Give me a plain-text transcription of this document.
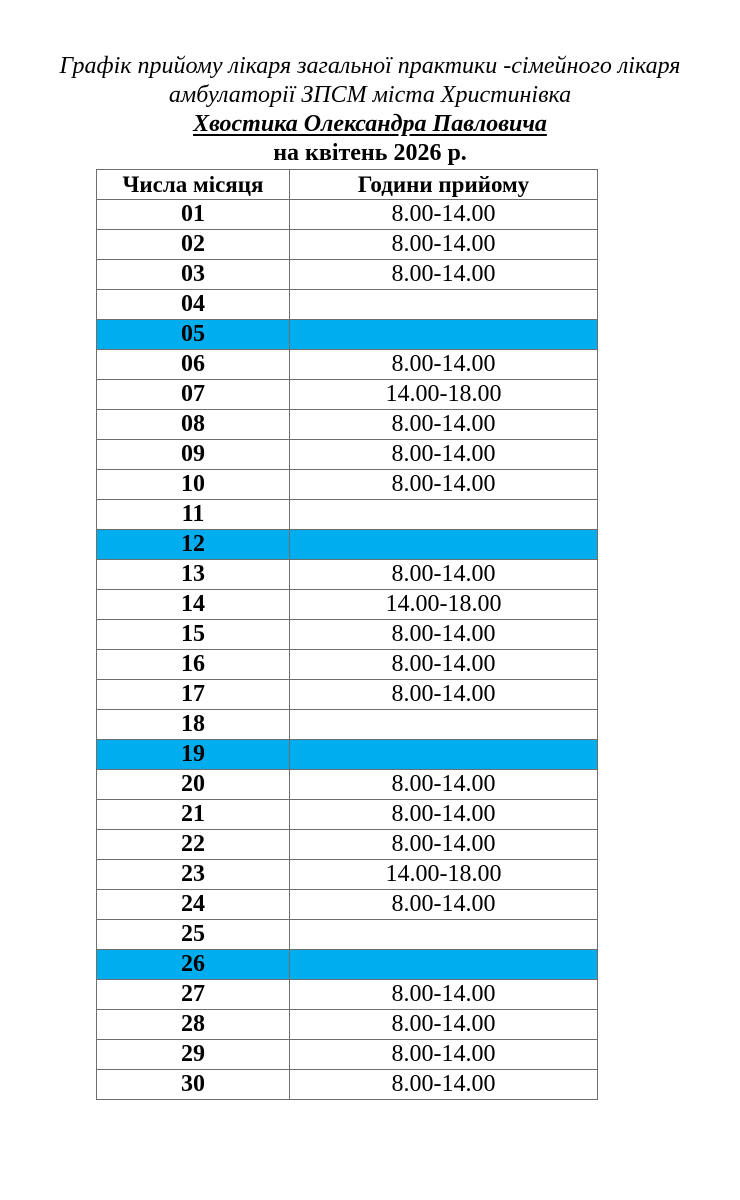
Графік прийому лікаря загальної практики -сімейного лікаря
амбулаторії ЗПСМ міста Христинівка
Хвостика Олександра Павловича
на квітень 2026 р.
Числа місяця	Години прийому
01	8.00-14.00
02	8.00-14.00
03	8.00-14.00
04	
05	
06	8.00-14.00
07	14.00-18.00
08	8.00-14.00
09	8.00-14.00
10	8.00-14.00
11	
12	
13	8.00-14.00
14	14.00-18.00
15	8.00-14.00
16	8.00-14.00
17	8.00-14.00
18	
19	
20	8.00-14.00
21	8.00-14.00
22	8.00-14.00
23	14.00-18.00
24	8.00-14.00
25	
26	
27	8.00-14.00
28	8.00-14.00
29	8.00-14.00
30	8.00-14.00
